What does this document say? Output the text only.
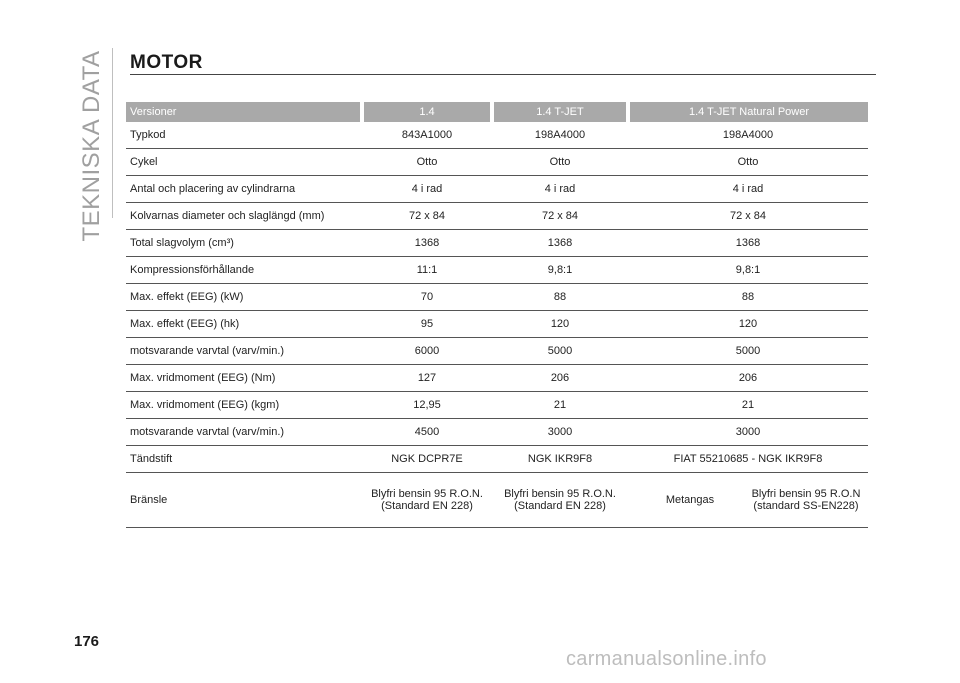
TEKNISKA DATA MOTOR
Versioner	1.4	1.4 T-JET	1.4 T-JET Natural Power
Typkod	843A1000	198A4000	198A4000
Cykel	Otto	Otto	Otto
Antal och placering av cylindrarna	4 i rad	4 i rad	4 i rad
Kolvarnas diameter och slaglängd (mm)	72 x 84	72 x 84	72 x 84
Total slagvolym (cm³)	1368	1368	1368
Kompressionsförhållande	11:1	9,8:1	9,8:1
Max. effekt (EEG) (kW)	70	88	88
Max. effekt (EEG) (hk)	95	120	120
motsvarande varvtal (varv/min.)	6000	5000	5000
Max. vridmoment (EEG) (Nm)	127	206	206
Max. vridmoment (EEG) (kgm)	12,95	21	21
motsvarande varvtal (varv/min.)	4500	3000	3000
Tändstift	NGK DCPR7E	NGK IKR9F8	FIAT 55210685 - NGK IKR9F8
Bränsle	Blyfri bensin 95 R.O.N. (Standard EN 228)	Blyfri bensin 95 R.O.N. (Standard EN 228)	Metangas Blyfri bensin 95 R.O.N (standard SS-EN228)
176
carmanualsonline.info
